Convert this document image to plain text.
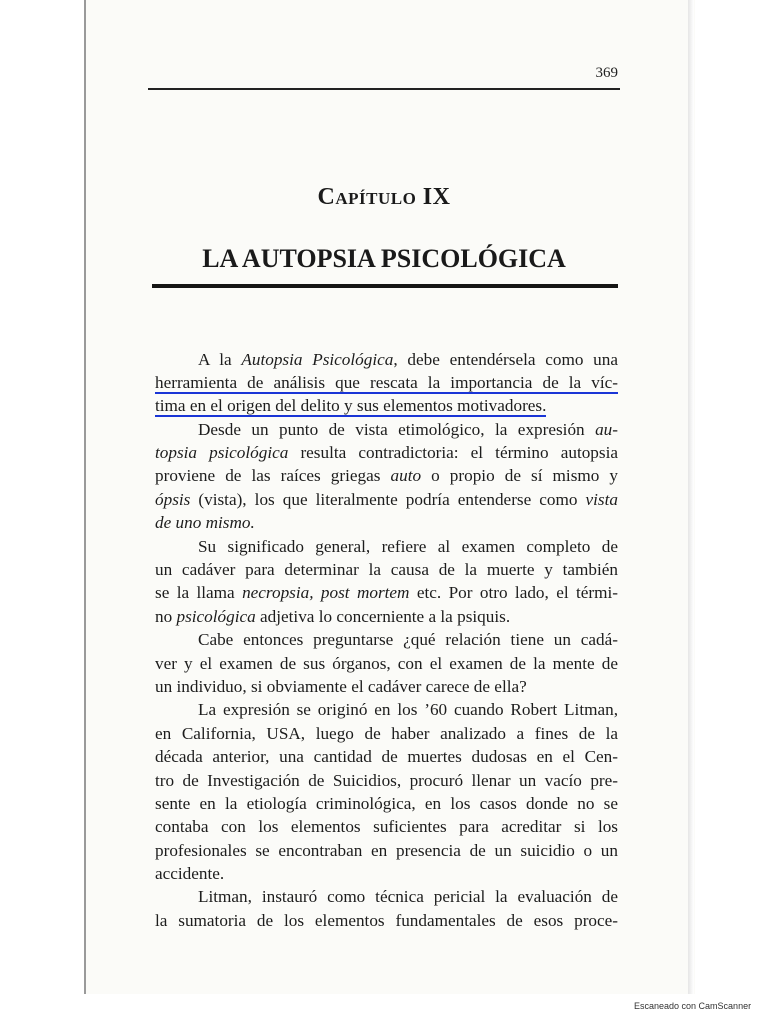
369
Capítulo IX
LA AUTOPSIA PSICOLÓGICA
A la Autopsia Psicológica, debe entendérsela como una
herramienta de análisis que rescata la importancia de la víc-
tima en el origen del delito y sus elementos motivadores.
Desde un punto de vista etimológico, la expresión au-
topsia psicológica resulta contradictoria: el término autopsia
proviene de las raíces griegas auto o propio de sí mismo y
ópsis (vista), los que literalmente podría entenderse como vista
de uno mismo.
Su significado general, refiere al examen completo de
un cadáver para determinar la causa de la muerte y también
se la llama necropsia, post mortem etc. Por otro lado, el térmi-
no psicológica adjetiva lo concerniente a la psiquis.
Cabe entonces preguntarse ¿qué relación tiene un cadá-
ver y el examen de sus órganos, con el examen de la mente de
un individuo, si obviamente el cadáver carece de ella?
La expresión se originó en los ’60 cuando Robert Litman,
en California, USA, luego de haber analizado a fines de la
década anterior, una cantidad de muertes dudosas en el Cen-
tro de Investigación de Suicidios, procuró llenar un vacío pre-
sente en la etiología criminológica, en los casos donde no se
contaba con los elementos suficientes para acreditar si los
profesionales se encontraban en presencia de un suicidio o un
accidente.
Litman, instauró como técnica pericial la evaluación de
la sumatoria de los elementos fundamentales de esos proce-
Escaneado con CamScanner
